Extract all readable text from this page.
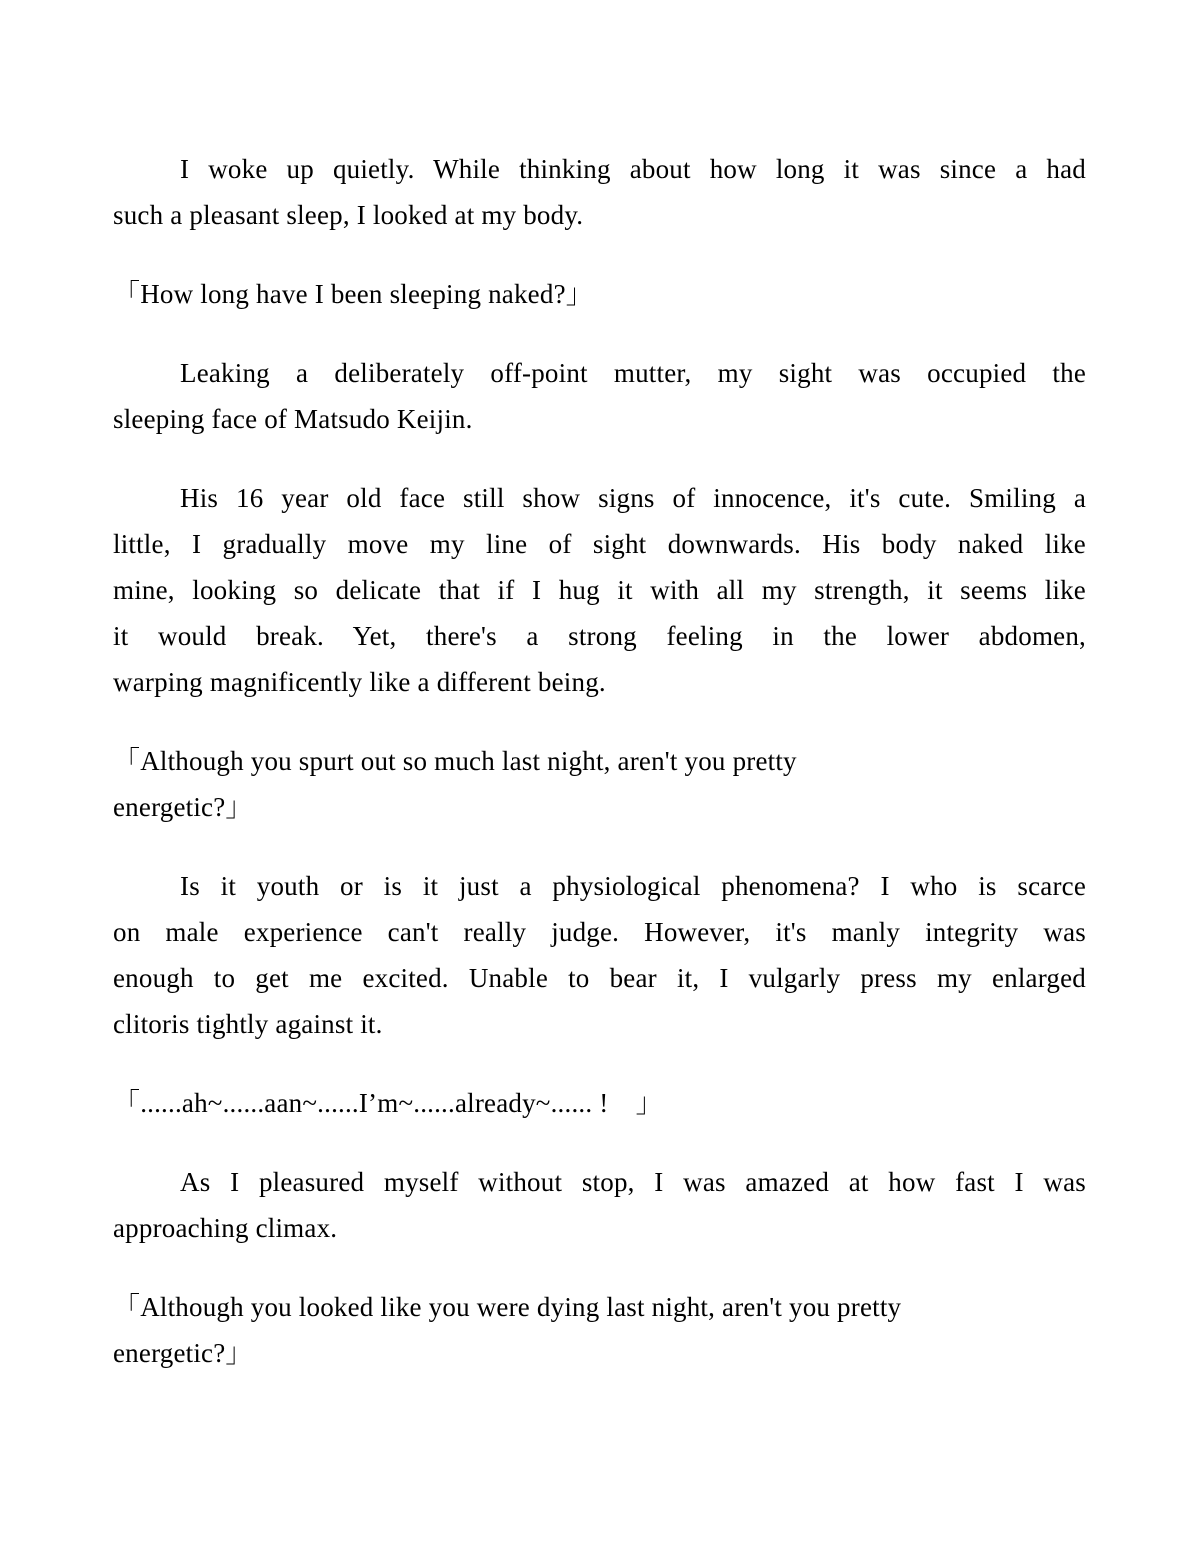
I woke up quietly. While thinking about how long it was since a had
such a pleasant sleep, I looked at my body.
「How long have I been sleeping naked?」
Leaking a deliberately off-point mutter, my sight was occupied the
sleeping face of Matsudo Keijin.
His 16 year old face still show signs of innocence, it's cute. Smiling a
little, I gradually move my line of sight downwards. His body naked like
mine, looking so delicate that if I hug it with all my strength, it seems like
it would break. Yet, there's a strong feeling in the lower abdomen,
warping magnificently like a different being.
「Although you spurt out so much last night, aren't you pretty
energetic?」
Is it youth or is it just a physiological phenomena? I who is scarce
on male experience can't really judge. However, it's manly integrity was
enough to get me excited. Unable to bear it, I vulgarly press my enlarged
clitoris tightly against it.
「......ah~......aan~......I’m~......already~...... !　」
As I pleasured myself without stop, I was amazed at how fast I was
approaching climax.
「Although you looked like you were dying last night, aren't you pretty
energetic?」
